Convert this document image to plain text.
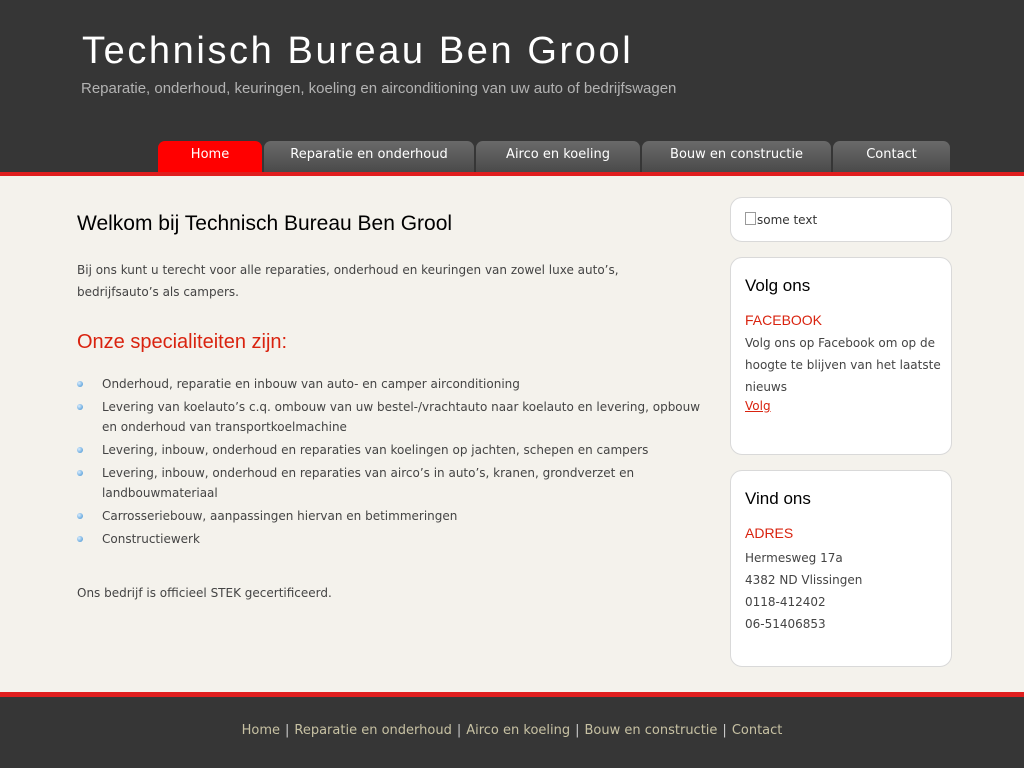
Technisch Bureau Ben Grool

Reparatie, onderhoud, keuringen, koeling en airconditioning van uw auto of bedrijfswagen

Home	Reparatie en onderhoud	Airco en koeling	Bouw en constructie	Contact
Welkom bij Technisch Bureau Ben Grool

Bij ons kunt u terecht voor alle reparaties, onderhoud en keuringen van zowel luxe auto’s, bedrijfsauto’s als campers.

Onze specialiteiten zijn:
Onderhoud, reparatie en inbouw van auto- en camper airconditioning
Levering van koelauto’s c.q. ombouw van uw bestel-/vrachtauto naar koelauto en levering, opbouw en onderhoud van transportkoelmachine
Levering, inbouw, onderhoud en reparaties van koelingen op jachten, schepen en campers
Levering, inbouw, onderhoud en reparaties van airco’s in auto’s, kranen, grondverzet en landbouwmateriaal
Carrosseriebouw, aanpassingen hiervan en betimmeringen
Constructiewerk

Ons bedrijf is officieel STEK gecertificeerd.

some text
Volg ons
FACEBOOK

Volg ons op Facebook om op de hoogte te blijven van het laatste nieuws

Volg
Vind ons
ADRES

Hermesweg 17a
4382 ND Vlissingen
0118-412402
06-51406853

Home | Reparatie en onderhoud | Airco en koeling | Bouw en constructie | Contact
